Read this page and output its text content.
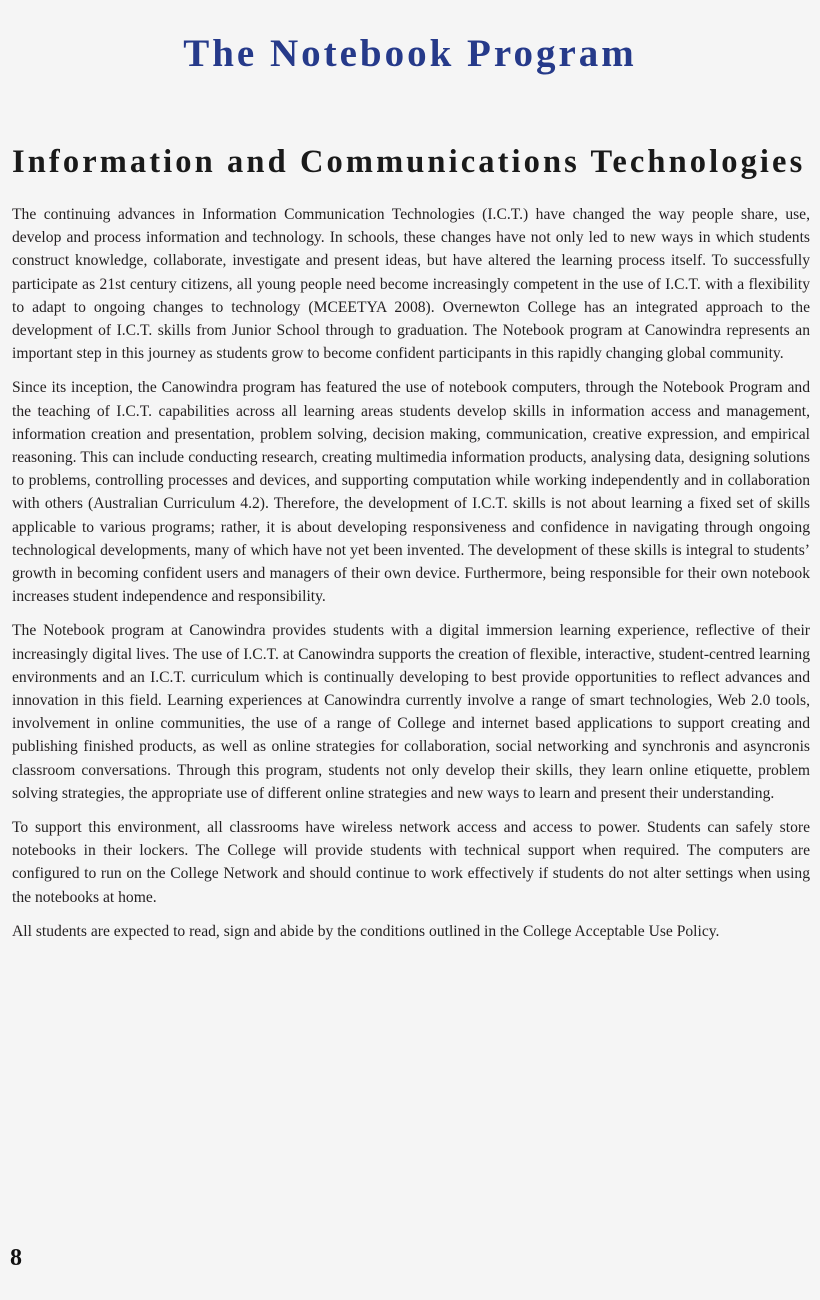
The Notebook Program
Information and Communications Technologies

The continuing advances in Information Communication Technologies (I.C.T.) have changed the way people share, use, develop and process information and technology. In schools, these changes have not only led to new ways in which students construct knowledge, collaborate, investigate and present ideas, but have altered the learning process itself. To successfully participate as 21st century citizens, all young people need become increasingly competent in the use of I.C.T. with a flexibility to adapt to ongoing changes to technology (MCEETYA 2008). Overnewton College has an integrated approach to the development of I.C.T. skills from Junior School through to graduation. The Notebook program at Canowindra represents an important step in this journey as students grow to become confident participants in this rapidly changing global community.

Since its inception, the Canowindra program has featured the use of notebook computers, through the Notebook Program and the teaching of I.C.T. capabilities across all learning areas students develop skills in information access and management, information creation and presentation, problem solving, decision making, communication, creative expression, and empirical reasoning. This can include conducting research, creating multimedia information products, analysing data, designing solutions to problems, controlling processes and devices, and supporting computation while working independently and in collaboration with others (Australian Curriculum 4.2). Therefore, the development of I.C.T. skills is not about learning a fixed set of skills applicable to various programs; rather, it is about developing responsiveness and confidence in navigating through ongoing technological developments, many of which have not yet been invented. The development of these skills is integral to students’ growth in becoming confident users and managers of their own device. Furthermore, being responsible for their own notebook increases student independence and responsibility.

The Notebook program at Canowindra provides students with a digital immersion learning experience, reflective of their increasingly digital lives. The use of I.C.T. at Canowindra supports the creation of flexible, interactive, student-centred learning environments and an I.C.T. curriculum which is continually developing to best provide opportunities to reflect advances and innovation in this field. Learning experiences at Canowindra currently involve a range of smart technologies, Web 2.0 tools, involvement in online communities, the use of a range of College and internet based applications to support creating and publishing finished products, as well as online strategies for collaboration, social networking and synchronis and asyncronis classroom conversations. Through this program, students not only develop their skills, they learn online etiquette, problem solving strategies, the appropriate use of different online strategies and new ways to learn and present their understanding.

To support this environment, all classrooms have wireless network access and access to power. Students can safely store notebooks in their lockers. The College will provide students with technical support when required. The computers are configured to run on the College Network and should continue to work effectively if students do not alter settings when using the notebooks at home.

All students are expected to read, sign and abide by the conditions outlined in the College Acceptable Use Policy.

8
